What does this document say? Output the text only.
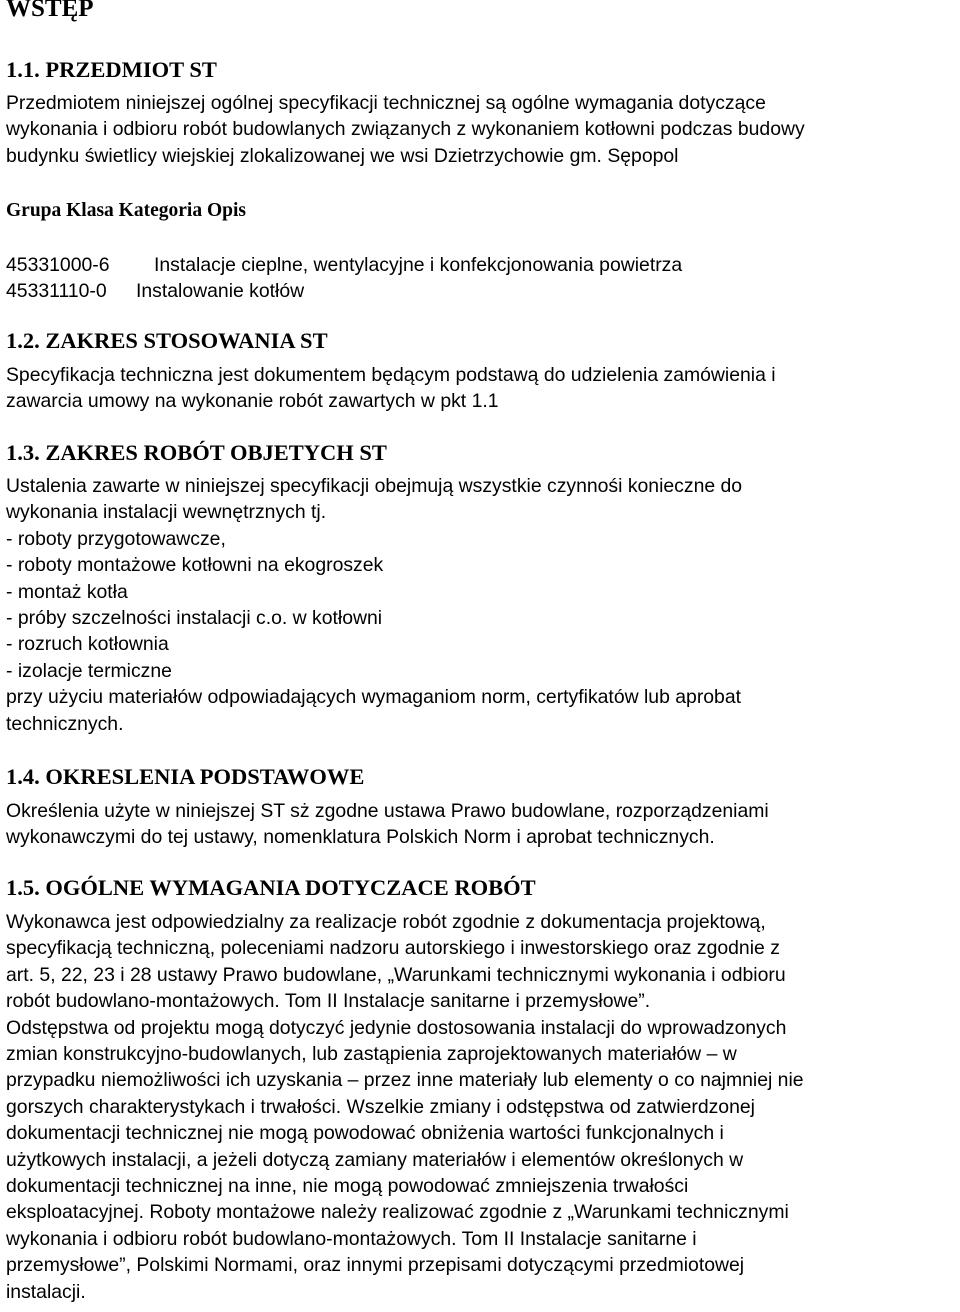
WSTĘP
1.1. PRZEDMIOT ST

Przedmiotem niniejszej ogólnej specyfikacji technicznej są ogólne wymagania dotyczące
wykonania i odbioru robót budowlanych związanych z wykonaniem kotłowni podczas budowy
budynku świetlicy wiejskiej zlokalizowanej we wsi Dzietrzychowie gm. Sępopol

Grupa Klasa Kategoria Opis
45331000-6 Instalacje cieplne, wentylacyjne i konfekcjonowania powietrza
45331110-0 Instalowanie kotłów
1.2. ZAKRES STOSOWANIA ST

Specyfikacja techniczna jest dokumentem będącym podstawą do udzielenia zamówienia i
zawarcia umowy na wykonanie robót zawartych w pkt 1.1

1.3. ZAKRES ROBÓT OBJETYCH ST

Ustalenia zawarte w niniejszej specyfikacji obejmują wszystkie czynnośi konieczne do
wykonania instalacji wewnętrznych tj.
- roboty przygotowawcze,
- roboty montażowe kotłowni na ekogroszek
- montaż kotła
- próby szczelności instalacji c.o. w kotłowni
- rozruch kotłownia
- izolacje termiczne
przy użyciu materiałów odpowiadających wymaganiom norm, certyfikatów lub aprobat
technicznych.

1.4. OKRESLENIA PODSTAWOWE

Określenia użyte w niniejszej ST sż zgodne ustawa Prawo budowlane, rozporządzeniami
wykonawczymi do tej ustawy, nomenklatura Polskich Norm i aprobat technicznych.

1.5. OGÓLNE WYMAGANIA DOTYCZACE ROBÓT

Wykonawca jest odpowiedzialny za realizacje robót zgodnie z dokumentacja projektową,
specyfikacją techniczną, poleceniami nadzoru autorskiego i inwestorskiego oraz zgodnie z
art. 5, 22, 23 i 28 ustawy Prawo budowlane, „Warunkami technicznymi wykonania i odbioru
robót budowlano-montażowych. Tom II Instalacje sanitarne i przemysłowe”.
Odstępstwa od projektu mogą dotyczyć jedynie dostosowania instalacji do wprowadzonych
zmian konstrukcyjno-budowlanych, lub zastąpienia zaprojektowanych materiałów – w
przypadku niemożliwości ich uzyskania – przez inne materiały lub elementy o co najmniej nie
gorszych charakterystykach i trwałości. Wszelkie zmiany i odstępstwa od zatwierdzonej
dokumentacji technicznej nie mogą powodować obniżenia wartości funkcjonalnych i
użytkowych instalacji, a jeżeli dotyczą zamiany materiałów i elementów określonych w
dokumentacji technicznej na inne, nie mogą powodować zmniejszenia trwałości
eksploatacyjnej. Roboty montażowe należy realizować zgodnie z „Warunkami technicznymi
wykonania i odbioru robót budowlano-montażowych. Tom II Instalacje sanitarne i
przemysłowe”, Polskimi Normami, oraz innymi przepisami dotyczącymi przedmiotowej
instalacji.
